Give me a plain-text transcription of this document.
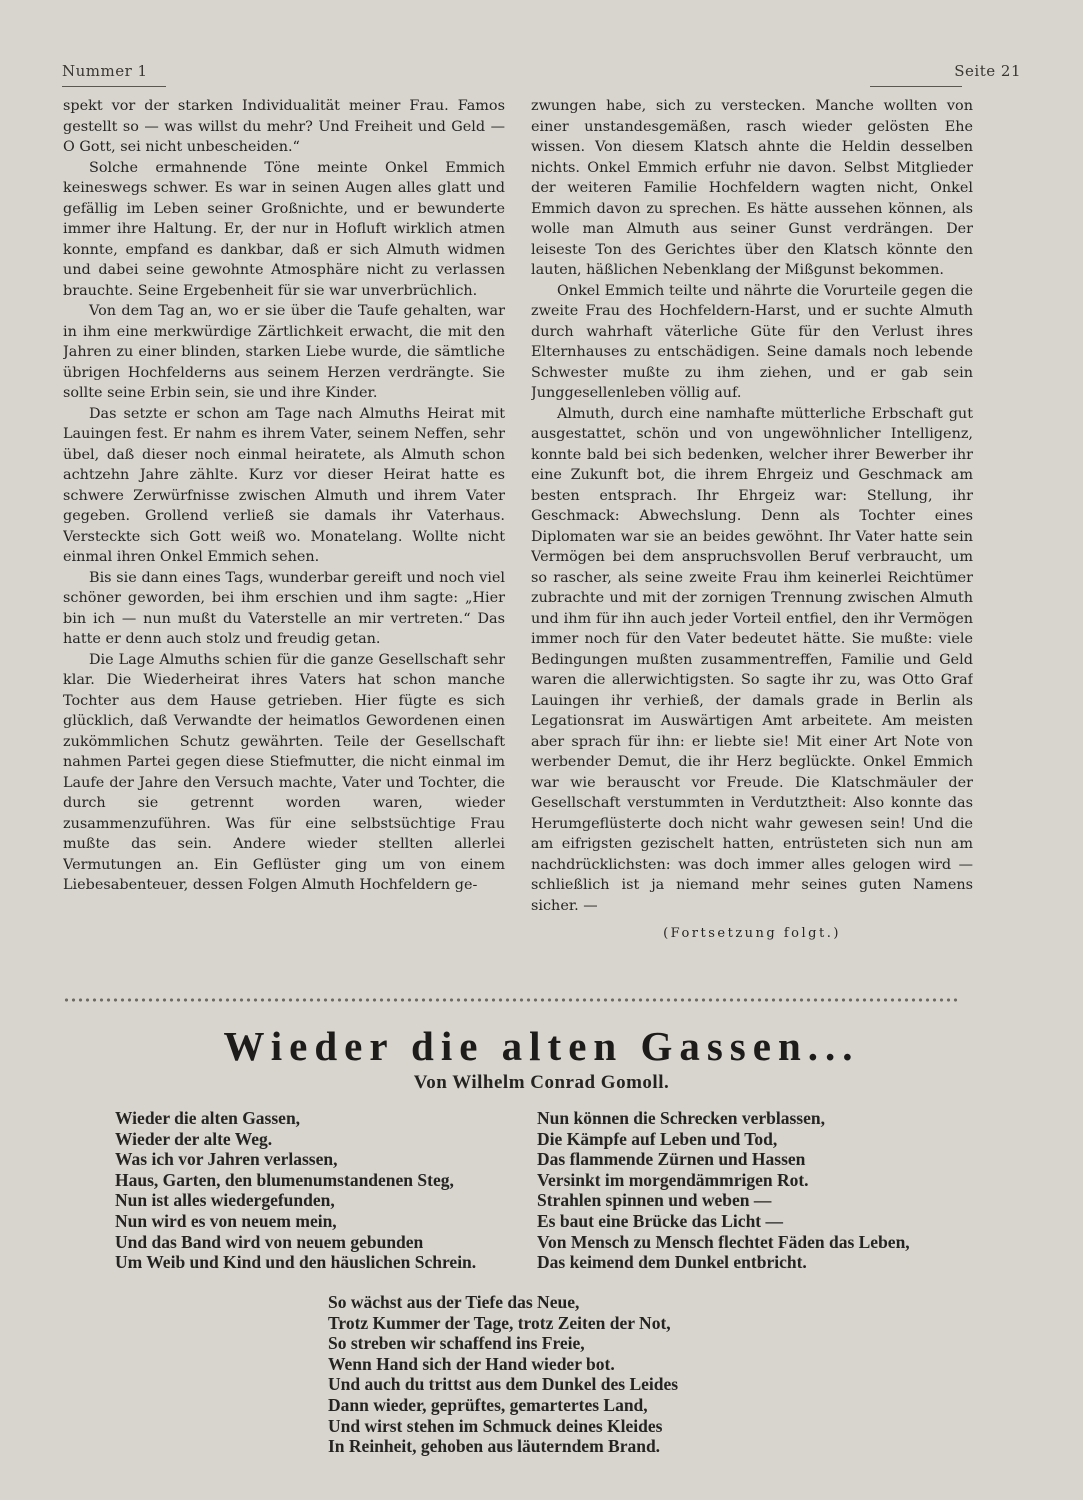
Nummer 1	Seite 21

spekt vor der starken Individualität meiner Frau. Famos gestellt so — was willst du mehr? Und Freiheit und Geld — O Gott, sei nicht unbescheiden.“

Solche ermahnende Töne meinte Onkel Emmich keineswegs schwer. Es war in seinen Augen alles glatt und gefällig im Leben seiner Großnichte, und er bewunderte immer ihre Haltung. Er, der nur in Hofluft wirklich atmen konnte, empfand es dankbar, daß er sich Almuth widmen und dabei seine gewohnte Atmosphäre nicht zu verlassen brauchte. Seine Ergebenheit für sie war unverbrüchlich.

Von dem Tag an, wo er sie über die Taufe gehalten, war in ihm eine merkwürdige Zärtlichkeit erwacht, die mit den Jahren zu einer blinden, starken Liebe wurde, die sämtliche übrigen Hochfelderns aus seinem Herzen verdrängte. Sie sollte seine Erbin sein, sie und ihre Kinder.

Das setzte er schon am Tage nach Almuths Heirat mit Lauingen fest. Er nahm es ihrem Vater, seinem Neffen, sehr übel, daß dieser noch einmal heiratete, als Almuth schon achtzehn Jahre zählte. Kurz vor dieser Heirat hatte es schwere Zerwürfnisse zwischen Almuth und ihrem Vater gegeben. Grollend verließ sie damals ihr Vaterhaus. Versteckte sich Gott weiß wo. Monatelang. Wollte nicht einmal ihren Onkel Emmich sehen.

Bis sie dann eines Tags, wunderbar gereift und noch viel schöner geworden, bei ihm erschien und ihm sagte: „Hier bin ich — nun mußt du Vaterstelle an mir vertreten.“ Das hatte er denn auch stolz und freudig getan.

Die Lage Almuths schien für die ganze Gesellschaft sehr klar. Die Wiederheirat ihres Vaters hat schon manche Tochter aus dem Hause getrieben. Hier fügte es sich glücklich, daß Verwandte der heimatlos Gewordenen einen zukömmlichen Schutz gewährten. Teile der Gesellschaft nahmen Partei gegen diese Stiefmutter, die nicht einmal im Laufe der Jahre den Versuch machte, Vater und Tochter, die durch sie getrennt worden waren, wieder zusammenzuführen. Was für eine selbstsüchtige Frau mußte das sein. Andere wieder stellten allerlei Vermutungen an. Ein Geflüster ging um von einem Liebesabenteuer, dessen Folgen Almuth Hochfeldern ge-

zwungen habe, sich zu verstecken. Manche wollten von einer unstandesgemäßen, rasch wieder gelösten Ehe wissen. Von diesem Klatsch ahnte die Heldin desselben nichts. Onkel Emmich erfuhr nie davon. Selbst Mitglieder der weiteren Familie Hochfeldern wagten nicht, Onkel Emmich davon zu sprechen. Es hätte aussehen können, als wolle man Almuth aus seiner Gunst verdrängen. Der leiseste Ton des Gerichtes über den Klatsch könnte den lauten, häßlichen Nebenklang der Mißgunst bekommen.

Onkel Emmich teilte und nährte die Vorurteile gegen die zweite Frau des Hochfeldern-Harst, und er suchte Almuth durch wahrhaft väterliche Güte für den Verlust ihres Elternhauses zu entschädigen. Seine damals noch lebende Schwester mußte zu ihm ziehen, und er gab sein Junggesellenleben völlig auf.

Almuth, durch eine namhafte mütterliche Erbschaft gut ausgestattet, schön und von ungewöhnlicher Intelligenz, konnte bald bei sich bedenken, welcher ihrer Bewerber ihr eine Zukunft bot, die ihrem Ehrgeiz und Geschmack am besten entsprach. Ihr Ehrgeiz war: Stellung, ihr Geschmack: Abwechslung. Denn als Tochter eines Diplomaten war sie an beides gewöhnt. Ihr Vater hatte sein Vermögen bei dem anspruchsvollen Beruf verbraucht, um so rascher, als seine zweite Frau ihm keinerlei Reichtümer zubrachte und mit der zornigen Trennung zwischen Almuth und ihm für ihn auch jeder Vorteil entfiel, den ihr Vermögen immer noch für den Vater bedeutet hätte. Sie mußte: viele Bedingungen mußten zusammentreffen, Familie und Geld waren die allerwichtigsten. So sagte ihr zu, was Otto Graf Lauingen ihr verhieß, der damals grade in Berlin als Legationsrat im Auswärtigen Amt arbeitete. Am meisten aber sprach für ihn: er liebte sie! Mit einer Art Note von werbender Demut, die ihr Herz beglückte. Onkel Emmich war wie berauscht vor Freude. Die Klatschmäuler der Gesellschaft verstummten in Verdutztheit: Also konnte das Herumgeflüsterte doch nicht wahr gewesen sein! Und die am eifrigsten gezischelt hatten, entrüsteten sich nun am nachdrücklichsten: was doch immer alles gelogen wird — schließlich ist ja niemand mehr seines guten Namens sicher. —

(Fortsetzung folgt.)
Wieder die alten Gassen...
Von Wilhelm Conrad Gomoll.
Wieder die alten Gassen,
Wieder der alte Weg.
Was ich vor Jahren verlassen,
Haus, Garten, den blumenumstandenen Steg,
Nun ist alles wiedergefunden,
Nun wird es von neuem mein,
Und das Band wird von neuem gebunden
Um Weib und Kind und den häuslichen Schrein.
Nun können die Schrecken verblassen,
Die Kämpfe auf Leben und Tod,
Das flammende Zürnen und Hassen
Versinkt im morgendämmrigen Rot.
Strahlen spinnen und weben —
Es baut eine Brücke das Licht —
Von Mensch zu Mensch flechtet Fäden das Leben,
Das keimend dem Dunkel entbricht.
So wächst aus der Tiefe das Neue,
Trotz Kummer der Tage, trotz Zeiten der Not,
So streben wir schaffend ins Freie,
Wenn Hand sich der Hand wieder bot.
Und auch du trittst aus dem Dunkel des Leides
Dann wieder, geprüftes, gemartertes Land,
Und wirst stehen im Schmuck deines Kleides
In Reinheit, gehoben aus läuterndem Brand.
